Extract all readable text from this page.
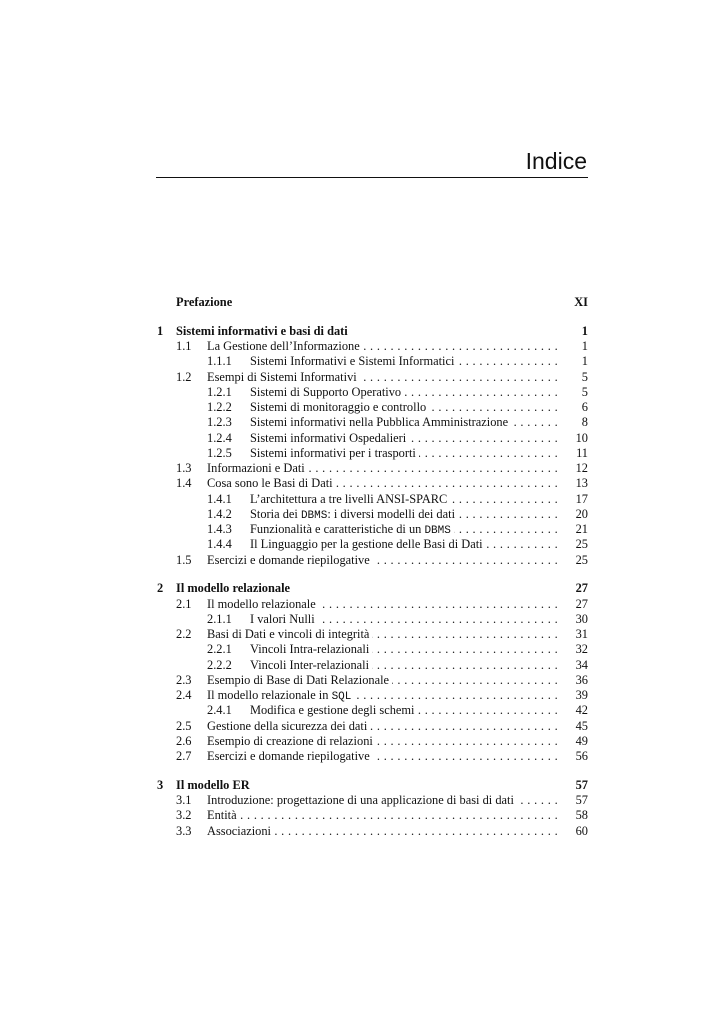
Indice
Prefazione	XI
1 Sistemi informativi e basi di dati	1
1.1 La Gestione dell’Informazione . . .	1
1.1.1 Sistemi Informativi e Sistemi Informatici . . .	1
1.2 Esempi di Sistemi Informativi . . .	5
1.2.1 Sistemi di Supporto Operativo . . .	5
1.2.2 Sistemi di monitoraggio e controllo . . .	6
1.2.3 Sistemi informativi nella Pubblica Amministrazione . . .	8
1.2.4 Sistemi informativi Ospedalieri . . .	10
1.2.5 Sistemi informativi per i trasporti . . .	11
1.3 Informazioni e Dati . . .	12
1.4 Cosa sono le Basi di Dati . . .	13
1.4.1 L’architettura a tre livelli ANSI-SPARC . . .	17
1.4.2 Storia dei DBMS: i diversi modelli dei dati . . .	20
1.4.3 Funzionalità e caratteristiche di un DBMS . . .	21
1.4.4 Il Linguaggio per la gestione delle Basi di Dati . . .	25
1.5 Esercizi e domande riepilogative . . .	25
2 Il modello relazionale	27
2.1 Il modello relazionale . . .	27
2.1.1 I valori Nulli . . .	30
2.2 Basi di Dati e vincoli di integrità . . .	31
2.2.1 Vincoli Intra-relazionali . . .	32
2.2.2 Vincoli Inter-relazionali . . .	34
2.3 Esempio di Base di Dati Relazionale . . .	36
2.4 Il modello relazionale in SQL . . .	39
2.4.1 Modifica e gestione degli schemi . . .	42
2.5 Gestione della sicurezza dei dati . . .	45
2.6 Esempio di creazione di relazioni . . .	49
2.7 Esercizi e domande riepilogative . . .	56
3 Il modello ER	57
3.1 Introduzione: progettazione di una applicazione di basi di dati . . .	57
3.2 Entità . . .	58
3.3 Associazioni . . .	60
